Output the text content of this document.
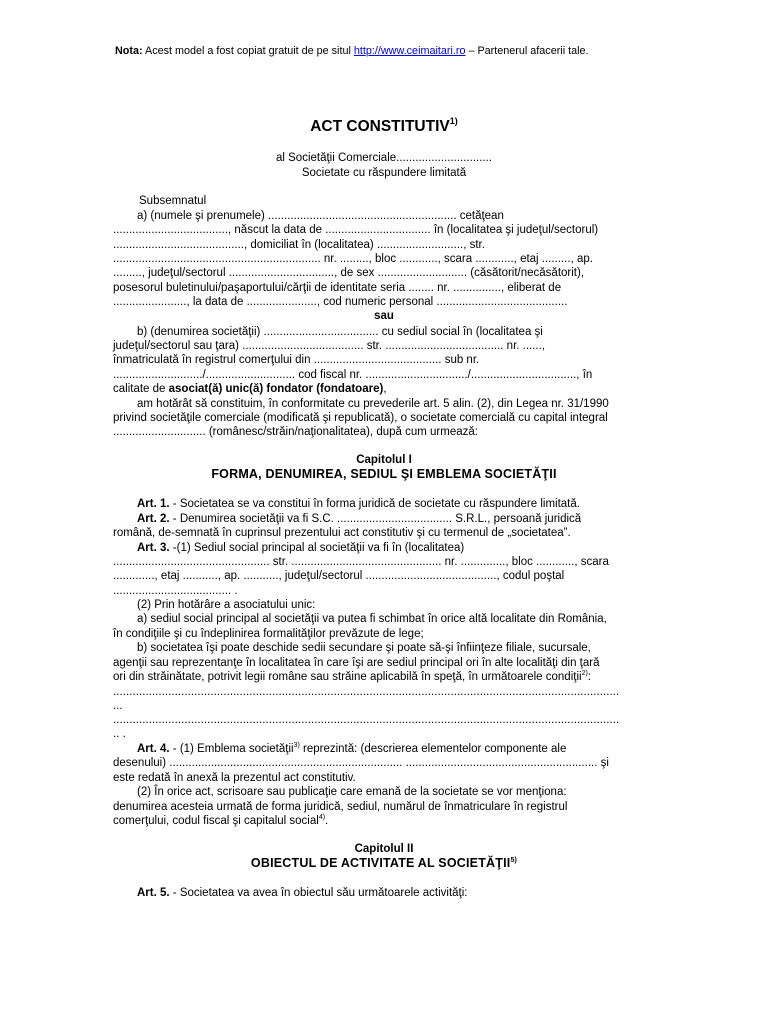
Nota: Acest model a fost copiat gratuit de pe situl http://www.ceimaitari.ro – Partenerul afacerii tale.
ACT CONSTITUTIV$^{1)}$
al Societăţii Comerciale..............................
Societate cu răspundere limitată
Subsemnatul
a) (numele şi prenumele) ........................................................... cetăţean
...................................., născut la data de ................................. în (localitatea şi judeţul/sectorul)
........................................., domiciliat în (localitatea) ..........................., str.
................................................................. nr. ........., bloc ............, scara ............, etaj ........., ap.
........., judeţul/sectorul ................................., de sex ............................ (căsătorit/necăsătorit),
posesorul buletinului/paşaportului/cărţii de identitate seria ........ nr. ..............., eliberat de
......................., la data de ......................, cod numeric personal .........................................
sau
b) (denumirea societăţii) .................................... cu sediul social în (localitatea şi
judeţul/sectorul sau ţara) ...................................... str. ..................................... nr. ......,
înmatriculată în registrul comerţului din ........................................ sub nr.
............................/............................ cod fiscal nr. ................................/................................., în
calitate de asociat(ă) unic(ă) fondator (fondatoare),
am hotărât să constituim, în conformitate cu prevederile art. 5 alin. (2), din Legea nr. 31/1990
privind societăţile comerciale (modificată şi republicată), o societate comercială cu capital integral
............................. (românesc/străin/naţionalitatea), după cum urmează:
Capitolul I
FORMA, DENUMIREA, SEDIUL ŞI EMBLEMA SOCIETĂŢII
Art. 1. - Societatea se va constitui în forma juridică de societate cu răspundere limitată.
Art. 2. - Denumirea societăţii va fi S.C. .................................... S.R.L., persoană juridică
română, de-semnată în cuprinsul prezentului act constitutiv şi cu termenul de „societatea”.
Art. 3. -(1) Sediul social principal al societăţii va fi în (localitatea)
................................................. str. ............................................... nr. .............., bloc ............, scara
............., etaj ..........., ap. ..........., judeţul/sectorul ........................................., codul poştal
..................................... .
(2) Prin hotărâre a asociatului unic:
a) sediul social principal al societăţii va putea fi schimbat în orice altă localitate din România,
în condiţiile şi cu îndeplinirea formalităţilor prevăzute de lege;
b) societatea îşi poate deschide sedii secundare şi poate să-şi înfiinţeze filiale, sucursale,
agenţii sau reprezentanţe în localitatea în care îşi are sediul principal ori în alte localităţi din ţară
ori din străinătate, potrivit legii române sau străine aplicabilă în speţă, în următoarele condiţii$^{2)}$:
............................................................................................................................................................
...
............................................................................................................................................................
.. .
Art. 4. - (1) Emblema societăţii$^{3)}$ reprezintă: (descrierea elementelor componente ale
desenului) ......................................................................... ............................................................ şi
este redată în anexă la prezentul act constitutiv.
(2) În orice act, scrisoare sau publicaţie care emană de la societate se vor menţiona:
denumirea acesteia urmată de forma juridică, sediul, numărul de înmatriculare în registrul
comerţului, codul fiscal şi capitalul social$^{4)}$.
Capitolul II
OBIECTUL DE ACTIVITATE AL SOCIETĂŢII$^{5)}$
Art. 5. - Societatea va avea în obiectul său următoarele activităţi:
